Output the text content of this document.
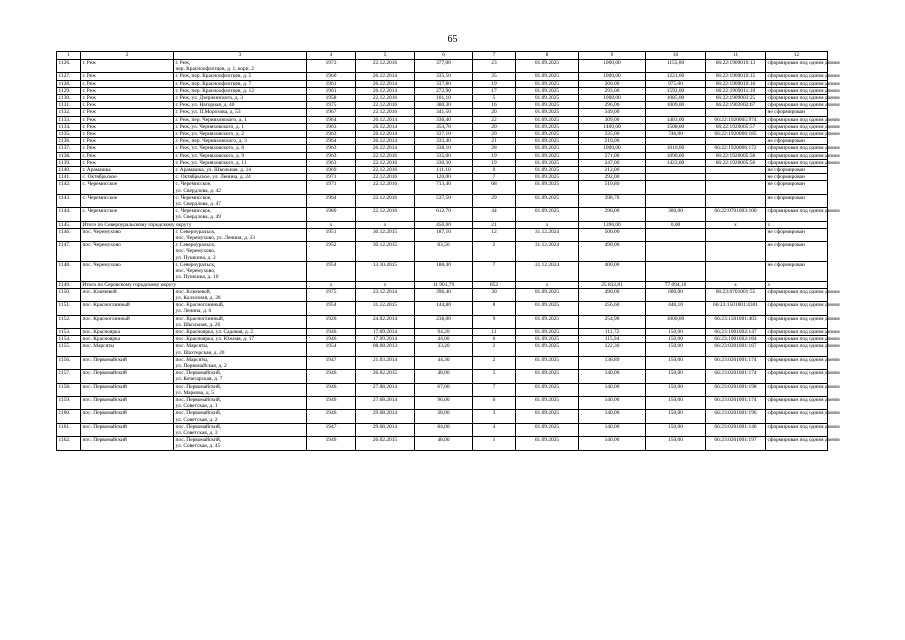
65
1	2	3	4	5	6	7	8	9	10	11	12
1126.	г. Реж	г. Реж,
пер. Красноофлотцев, д. 1, корп. 2	1973	22.12.2016	377,00	23	01.09.2025	1000,00	1155,00	66:22:1909010:13	сформирован под одним домом
1127.	г. Реж	г. Реж, пер. Красноофлотцев, д. 5	1960	26.12.2014	335,50	35	01.09.2025	1000,00	1221,00	66:22:1909010:15	сформирован под одним домом
1128.	г. Реж	г. Реж, пер. Красноофлотцев, д. 7	1961	26.12.2014	337,80	19	01.09.2025	266,00	975,00	66:22:1909010:16	сформирован под одним домом
1129.	г. Реж	г. Реж, пер. Красноофлотцев, д. 12	1961	26.12.2014	272,90	17	01.09.2025	293,00	1592,00	66:22:1909011:10	сформирован под одним домом
1130.	г. Реж	г. Реж, ул. Дзержинского, д. 3	1958	22.12.2016	101,10	5	01.09.2025	1000,00	1085,00	66:22:1909003:25	сформирован под одним домом
1131.	г. Реж	г. Реж, ул. Нагорная, д. 40	1975	22.12.2016	380,30	16	01.09.2025	296,00	1009,00	66:22:1902002:67	сформирован под одним домом
1132.	г. Реж	г. Реж, ул. П.Морозова, д. 53	1967	22.12.2016	341,50	20	01.09.2025	349,00			не сформирован
1133.	г. Реж	г. Реж, пер. Черняховского, д. 1	1964	26.12.2014	330,40	22	01.09.2025	309,00	1483,00	66:22:1920005:974	сформирован под одним домом
1134.	г. Реж	г. Реж, ул. Черняховского, д. 1	1963	26.12.2014	354,70	20	01.09.2025	1400,00	1508,00	66:22:1920005:57	сформирован под одним домом
1135.	г. Реж	г. Реж, ул. Черняховского, д. 2	1963	26.12.2014	337,10	20	01.09.2025	335,00	746,00	66:22:1920006:185	сформирован под одним домом
1136.	г. Реж	г. Реж, пер. Черняховского, д. 3	1964	26.12.2014	333,40	21	01.09.2025	210,00			не сформирован
1137.	г. Реж	г. Реж, ул. Черняховского, д. 6	1963	26.12.2014	338,10	28	01.09.2025	1000,00	1010,00	66:22:1920006:172	сформирован под одним домом
1138.	г. Реж	г. Реж, ул. Черняховского, д. 9	1963	22.12.2016	335,00	19	01.09.2025	271,00	1090,00	66:22:1920005:58	сформирован под одним домом
1139.	г. Реж	г. Реж, ул. Черняховского, д. 11	1963	22.12.2016	330,30	19	01.09.2025	247,00	1422,00	66:22:1920005:56	сформирован под одним домом
1140.	г. Арамашка	г. Арамашка, ул. Школьная, д. 14	1969	22.12.2016	111,10	0	01.09.2025	212,00			не сформирован
1141.	с. Октябрьское	с. Октябрьское, ул. Ленина, д. 24	1971	22.12.2016	120,00	7	01.09.2025	292,00			не сформирован
1142.	с. Черемисское	с. Черемисское,
ул. Свердлова, д. 42	1971	22.12.2016	713,40	68	01.09.2025	510,80			не сформирован
1143.	с. Черемисское	с. Черемисское,
ул. Свердлова, д. 47	1964	22.12.2016	537,50	29	01.09.2025	398,70			не сформирован
1144.	с. Черемисское	с. Черемисское,
ул. Свердлова, д. 49	1980	22.12.2016	612,70	44	01.09.2025	396,00	300,00	66:22:0701003:100	сформирован под одним домом
1145.	Итого по Североуральскому городскому округу		x	x	450,00	21	x	1390,00	0,00	x	x
1146.	пос. Черемухово	г. Североуральск,
пос. Черемухово, ул. Ленина, д. 33	1951	30.12.2015	187,10	12	31.12.2024	500,00			не сформирован
1147.	пос. Черемухово	г. Североуральск,
пос. Черемухово,
ул. Пушкина, д. 2	1952	30.12.2015	83,50	2	31.12.2024	490,00			не сформирован
1148.	пос. Черемухово	г. Североуральск,
пос. Черемухово,
ул. Пушкина, д. 10	1954	13.10.2015	188,40	7	31.12.2024	400,00			не сформирован
1149.	Итого по Серовскому городскому округу		x	x	11 901,79	852	x	25 832,81	77 094,10	x	x
1150.	пос. Ключевой	пос. Ключевой,
ул. Колхозная, д. 28	1975	23.12.2014	396,40	30	01.09.2025	490,00	600,00	66:23:0701001:55	сформирован под одним домом
1151.	пос. Красноглинный	пос. Красноглинный,
ул. Ленина, д. 6	1954	31.12.2015	144,80	8	01.09.2025	256,60	440,10	66:23:1501001:4301	сформирован под одним домом
1152.	пос. Красноглинный	пос. Красноглинный,
ул. Школьная, д. 26	1926	24.02.2014	238,00	9	01.09.2025	254,90	1000,00	66:23:1501001:403	сформирован под одним домом
1153.	пос. Красноярка	пос. Красноярка, ул. Садовая, д. 2	1946	17.09.2014	94,20	11	01.09.2025	111,72	150,00	66:23:1001002:147	сформирован под одним домом
1154.	пос. Красноярка	пос. Красноярка, ул. Южная, д. 17	1946	17.09.2014	44,00	6	01.09.2025	115,94	150,00	66:23:1001002:184	сформирован под одним домом
1155.	пос. Марсяты	пос. Марсяты,
ул. Шахтерская, д. 20	1954	08.08.2013	33,20	2	01.09.2025	122,36	150,00	66:23:0201001:167	сформирован под одним домом
1156.	пос. Первомайский	пос. Марсяты,
ул. Первомайская, д. 2	1947	21.03.2014	44,30	2	01.09.2025	138,89	150,00	66:23:0201001:174	сформирован под одним домом
1157.	пос. Первомайский	пос. Первомайский,
ул. Кочегарская, д. 7	1946	26.02.2015	48,00	5	01.09.2025	140,00	150,00	66:23:0201001:174	сформирован под одним домом
1158.	пос. Первомайский	пос. Первомайский,
ул. Маркова, д. 5	1946	27.08.2014	67,00	7	01.09.2025	140,00	150,00	66:23:0201001:198	сформирован под одним домом
1159.	пос. Первомайский	пос. Первомайский,
ул. Советская, д. 1	1946	27.08.2014	96,00	6	01.09.2025	140,00	150,00	66:23:0201001:174	сформирован под одним домом
1160.	пос. Первомайский	пос. Первомайский,
ул. Советская, д. 2	1946	29.08.2014	38,00	3	01.09.2025	140,00	150,00	66:23:0201001:196	сформирован под одним домом
1161.	пос. Первомайский	пос. Первомайский,
ул. Советская, д. 3	1947	29.08.2014	84,00	4	01.09.2025	140,00	150,00	66:23:0201001:146	сформирован под одним домом
1162.	пос. Первомайский	пос. Первомайский,
ул. Советская, д. 45	1946	26.02.2015	48,00	1	01.09.2025	140,00	150,00	66:23:0201001:197	сформирован под одним домом
